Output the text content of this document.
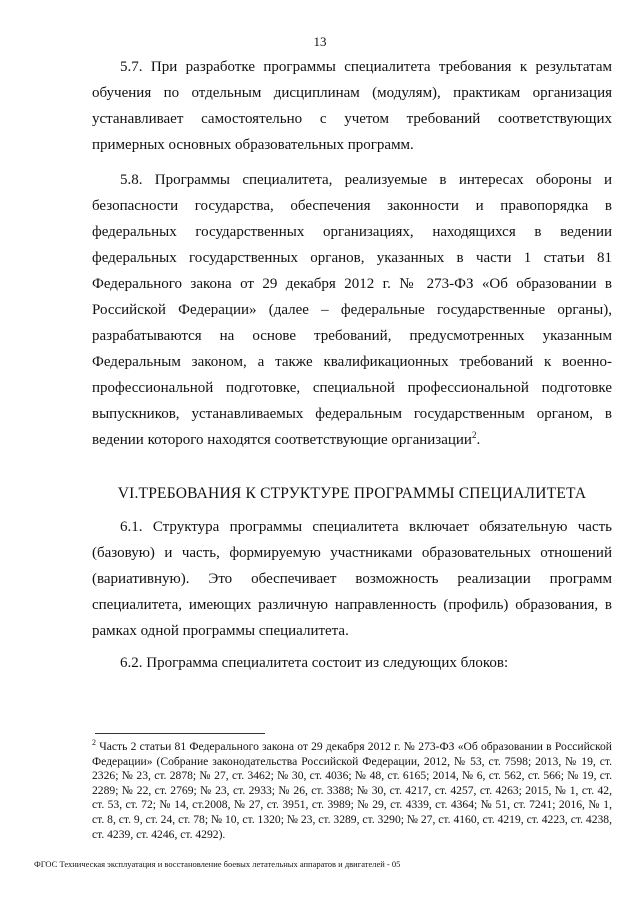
13

5.7. При разработке программы специалитета требования к результатам обучения по отдельным дисциплинам (модулям), практикам организация устанавливает самостоятельно с учетом требований соответствующих примерных основных образовательных программ.

5.8. Программы специалитета, реализуемые в интересах обороны и безопасности государства, обеспечения законности и правопорядка в федеральных государственных организациях, находящихся в ведении федеральных государственных органов, указанных в части 1 статьи 81 Федерального закона от 29 декабря 2012 г. № 273-ФЗ «Об образовании в Российской Федерации» (далее – федеральные государственные органы), разрабатываются на основе требований, предусмотренных указанным Федеральным законом, а также квалификационных требований к военно-профессиональной подготовке, специальной профессиональной подготовке выпускников, устанавливаемых федеральным государственным органом, в ведении которого находятся соответствующие организации$^2$.

VI.ТРЕБОВАНИЯ К СТРУКТУРЕ ПРОГРАММЫ СПЕЦИАЛИТЕТА

6.1. Структура программы специалитета включает обязательную часть (базовую) и часть, формируемую участниками образовательных отношений (вариативную). Это обеспечивает возможность реализации программ специалитета, имеющих различную направленность (профиль) образования, в рамках одной программы специалитета.

6.2. Программа специалитета состоит из следующих блоков:

$^2$ Часть 2 статьи 81 Федерального закона от 29 декабря 2012 г. № 273-ФЗ «Об образовании в Российской Федерации» (Собрание законодательства Российской Федерации, 2012, № 53, ст. 7598; 2013, № 19, ст. 2326; № 23, ст. 2878; № 27, ст. 3462; № 30, ст. 4036; № 48, ст. 6165; 2014, № 6, ст. 562, ст. 566; № 19, ст. 2289; № 22, ст. 2769; № 23, ст. 2933; № 26, ст. 3388; № 30, ст. 4217, ст. 4257, ст. 4263; 2015, № 1, ст. 42, ст. 53, ст. 72; № 14, ст.2008, № 27, ст. 3951, ст. 3989; № 29, ст. 4339, ст. 4364; № 51, ст. 7241; 2016, № 1, ст. 8, ст. 9, ст. 24, ст. 78; № 10, ст. 1320; № 23, ст. 3289, ст. 3290; № 27, ст. 4160, ст. 4219, ст. 4223, ст. 4238, ст. 4239, ст. 4246, ст. 4292).
ФГОС Техническая эксплуатация и восстановление боевых летательных аппаратов и двигателей - 05
